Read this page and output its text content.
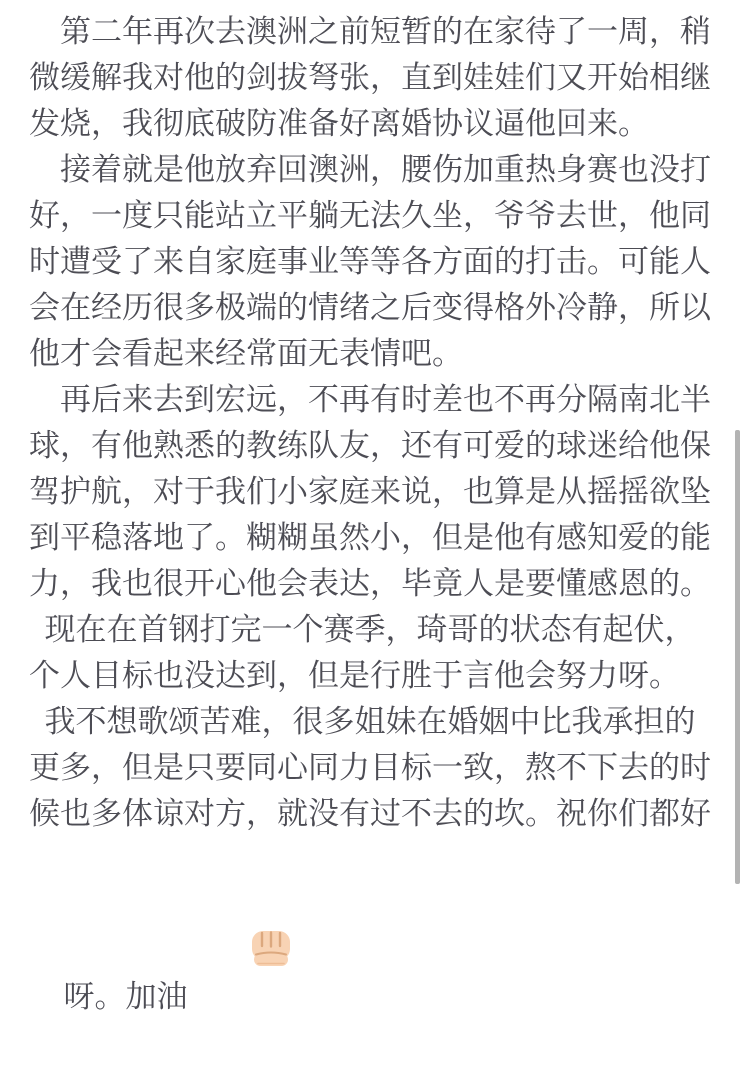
　第二年再次去澳洲之前短暂的在家待了一周，稍
微缓解我对他的剑拔弩张，直到娃娃们又开始相继
发烧，我彻底破防准备好离婚协议逼他回来。
　接着就是他放弃回澳洲，腰伤加重热身赛也没打
好，一度只能站立平躺无法久坐，爷爷去世，他同
时遭受了来自家庭事业等等各方面的打击。可能人
会在经历很多极端的情绪之后变得格外冷静，所以
他才会看起来经常面无表情吧。
　再后来去到宏远，不再有时差也不再分隔南北半
球，有他熟悉的教练队友，还有可爱的球迷给他保
驾护航，对于我们小家庭来说，也算是从摇摇欲坠
到平稳落地了。糊糊虽然小，但是他有感知爱的能
力，我也很开心他会表达，毕竟人是要懂感恩的。
 现在在首钢打完一个赛季，琦哥的状态有起伏，
个人目标也没达到，但是行胜于言他会努力呀。
 我不想歌颂苦难，很多姐妹在婚姻中比我承担的
更多，但是只要同心同力目标一致，熬不下去的时
候也多体谅对方，就没有过不去的坎。祝你们都好

呀。加油
